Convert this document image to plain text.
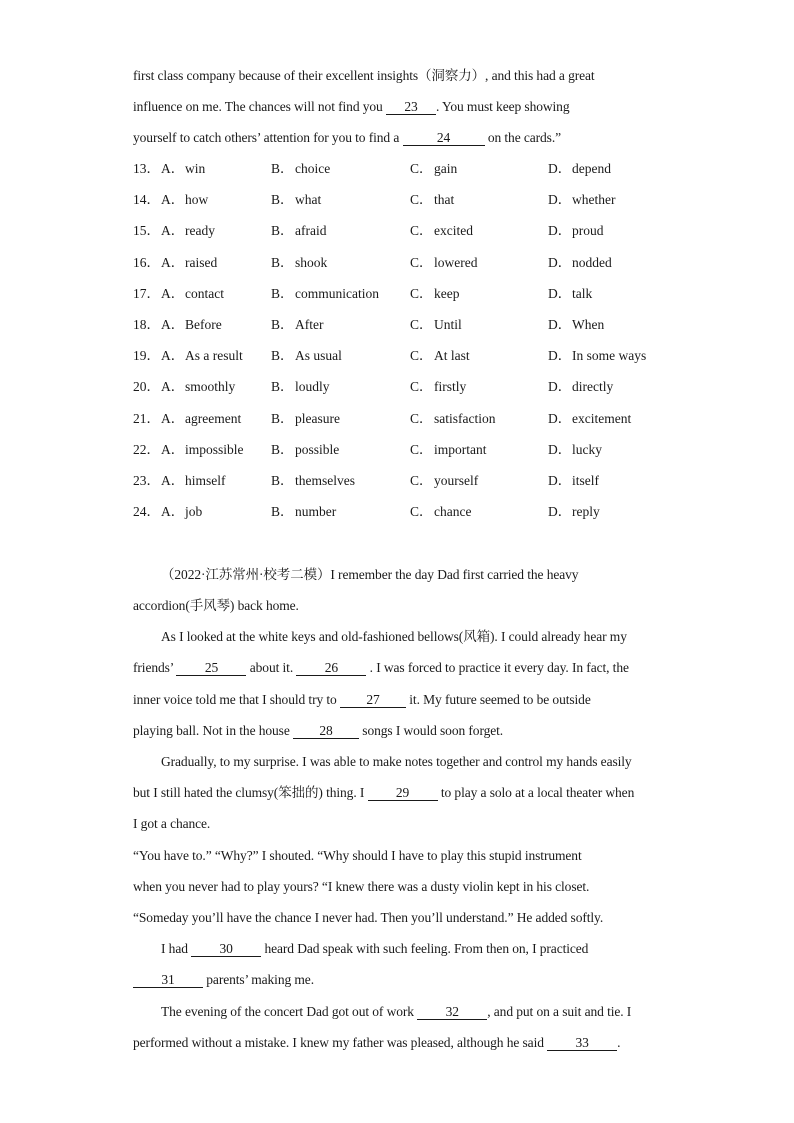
first class company because of their excellent insights（洞察力）, and this had a great
influence on me. The chances will not find you 23 . You must keep showing
yourself to catch others’ attention for you to find a	24	on the cards.”
13． A．win	B．choice	C．gain	D．depend
14． A．how	B．what	C．that	D．whether
15． A．ready	B．afraid	C．excited	D．proud
16． A．raised	B．shook	C．lowered	D．nodded
17． A．contact	B．communication C．keep	D．talk
18． A．Before	B．After	C．Until	D．When
19． A．As a result B．As usual	C．At last	D．In some ways
20． A．smoothly	B．loudly	C．firstly	D．directly
21． A．agreement B．pleasure	C．satisfaction	D．excitement
22． A．impossible B．possible	C．important	D．lucky
23． A．himself	B．themselves	C．yourself	D．itself
24． A．job	B．number	C．chance	D．reply
（2022·江苏常州·校考二模）I remember the day Dad first carried the heavy
accordion(手风琴) back home.
As I looked at the white keys and old-fashioned bellows(风箱). I could already hear my
friends’ 25 about it. 26 . I was forced to practice it every day. In fact, the
inner voice told me that I should try to 27 it. My future seemed to be outside
playing ball. Not in the house 28 songs I would soon forget.
Gradually, to my surprise. I was able to make notes together and control my hands easily
but I still hated the clumsy(笨拙的) thing. I 29 to play a solo at a local theater when
I got a chance.
“You have to.” “Why?” I shouted. “Why should I have to play this stupid instrument
when you never had to play yours? “I knew there was a dusty violin kept in his closet.
“Someday you’ll have the chance I never had. Then you’ll understand.” He added softly.
I had 30 heard Dad speak with such feeling. From then on, I practiced
31 parents’ making me.
The evening of the concert Dad got out of work 32 , and put on a suit and tie. I
performed without a mistake. I knew my father was pleased, although he said 33 .
